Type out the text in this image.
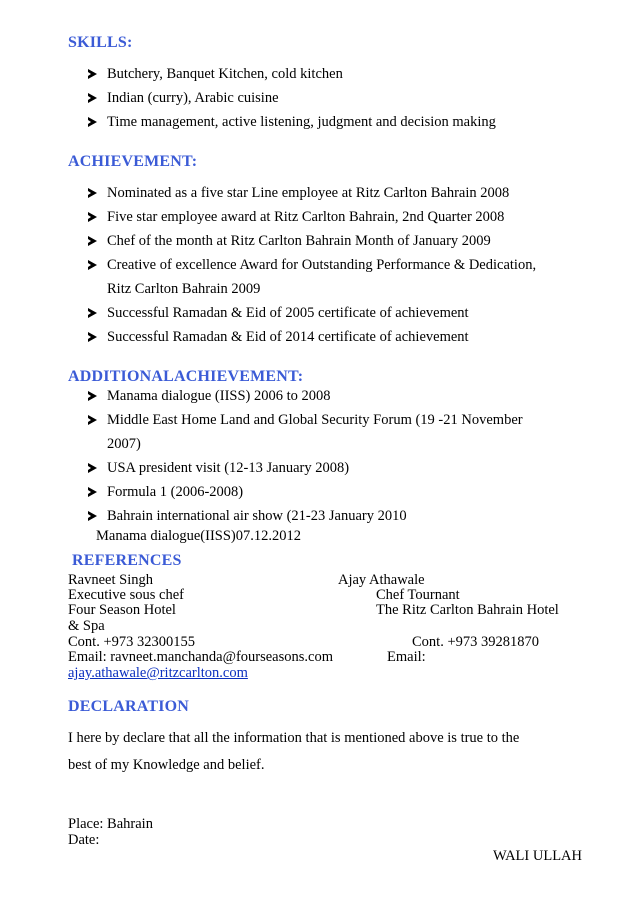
SKILLS:
Butchery, Banquet Kitchen, cold kitchen
Indian (curry), Arabic cuisine
Time management, active listening, judgment and decision making
ACHIEVEMENT:
Nominated as a five star Line employee at Ritz Carlton Bahrain 2008
Five star employee award at Ritz Carlton Bahrain, 2nd Quarter 2008
Chef of the month at Ritz Carlton Bahrain Month of January 2009
Creative of excellence Award for Outstanding Performance & Dedication,
Ritz Carlton Bahrain 2009
Successful Ramadan & Eid of 2005 certificate of achievement
Successful Ramadan & Eid of 2014 certificate of achievement
ADDITIONALACHIEVEMENT:
Manama dialogue (IISS) 2006 to 2008
Middle East Home Land and Global Security Forum (19 -21 November
2007)
USA president visit (12-13 January 2008)
Formula 1 (2006-2008)
Bahrain international air show (21-23 January 2010

Manama dialogue(IISS)07.12.2012

REFERENCES
Ravneet Singh	Ajay Athawale
Executive sous chef	Chef Tournant
Four Season Hotel	The Ritz Carlton Bahrain Hotel
& Spa
Cont. +973 32300155	Cont. +973 39281870
Email: ravneet.manchanda@fourseasons.com	Email:
ajay.athawale@ritzcarlton.com
DECLARATION
I here by declare that all the information that is mentioned above is true to the
best of my Knowledge and belief.
Place: Bahrain
Date:
WALI ULLAH
